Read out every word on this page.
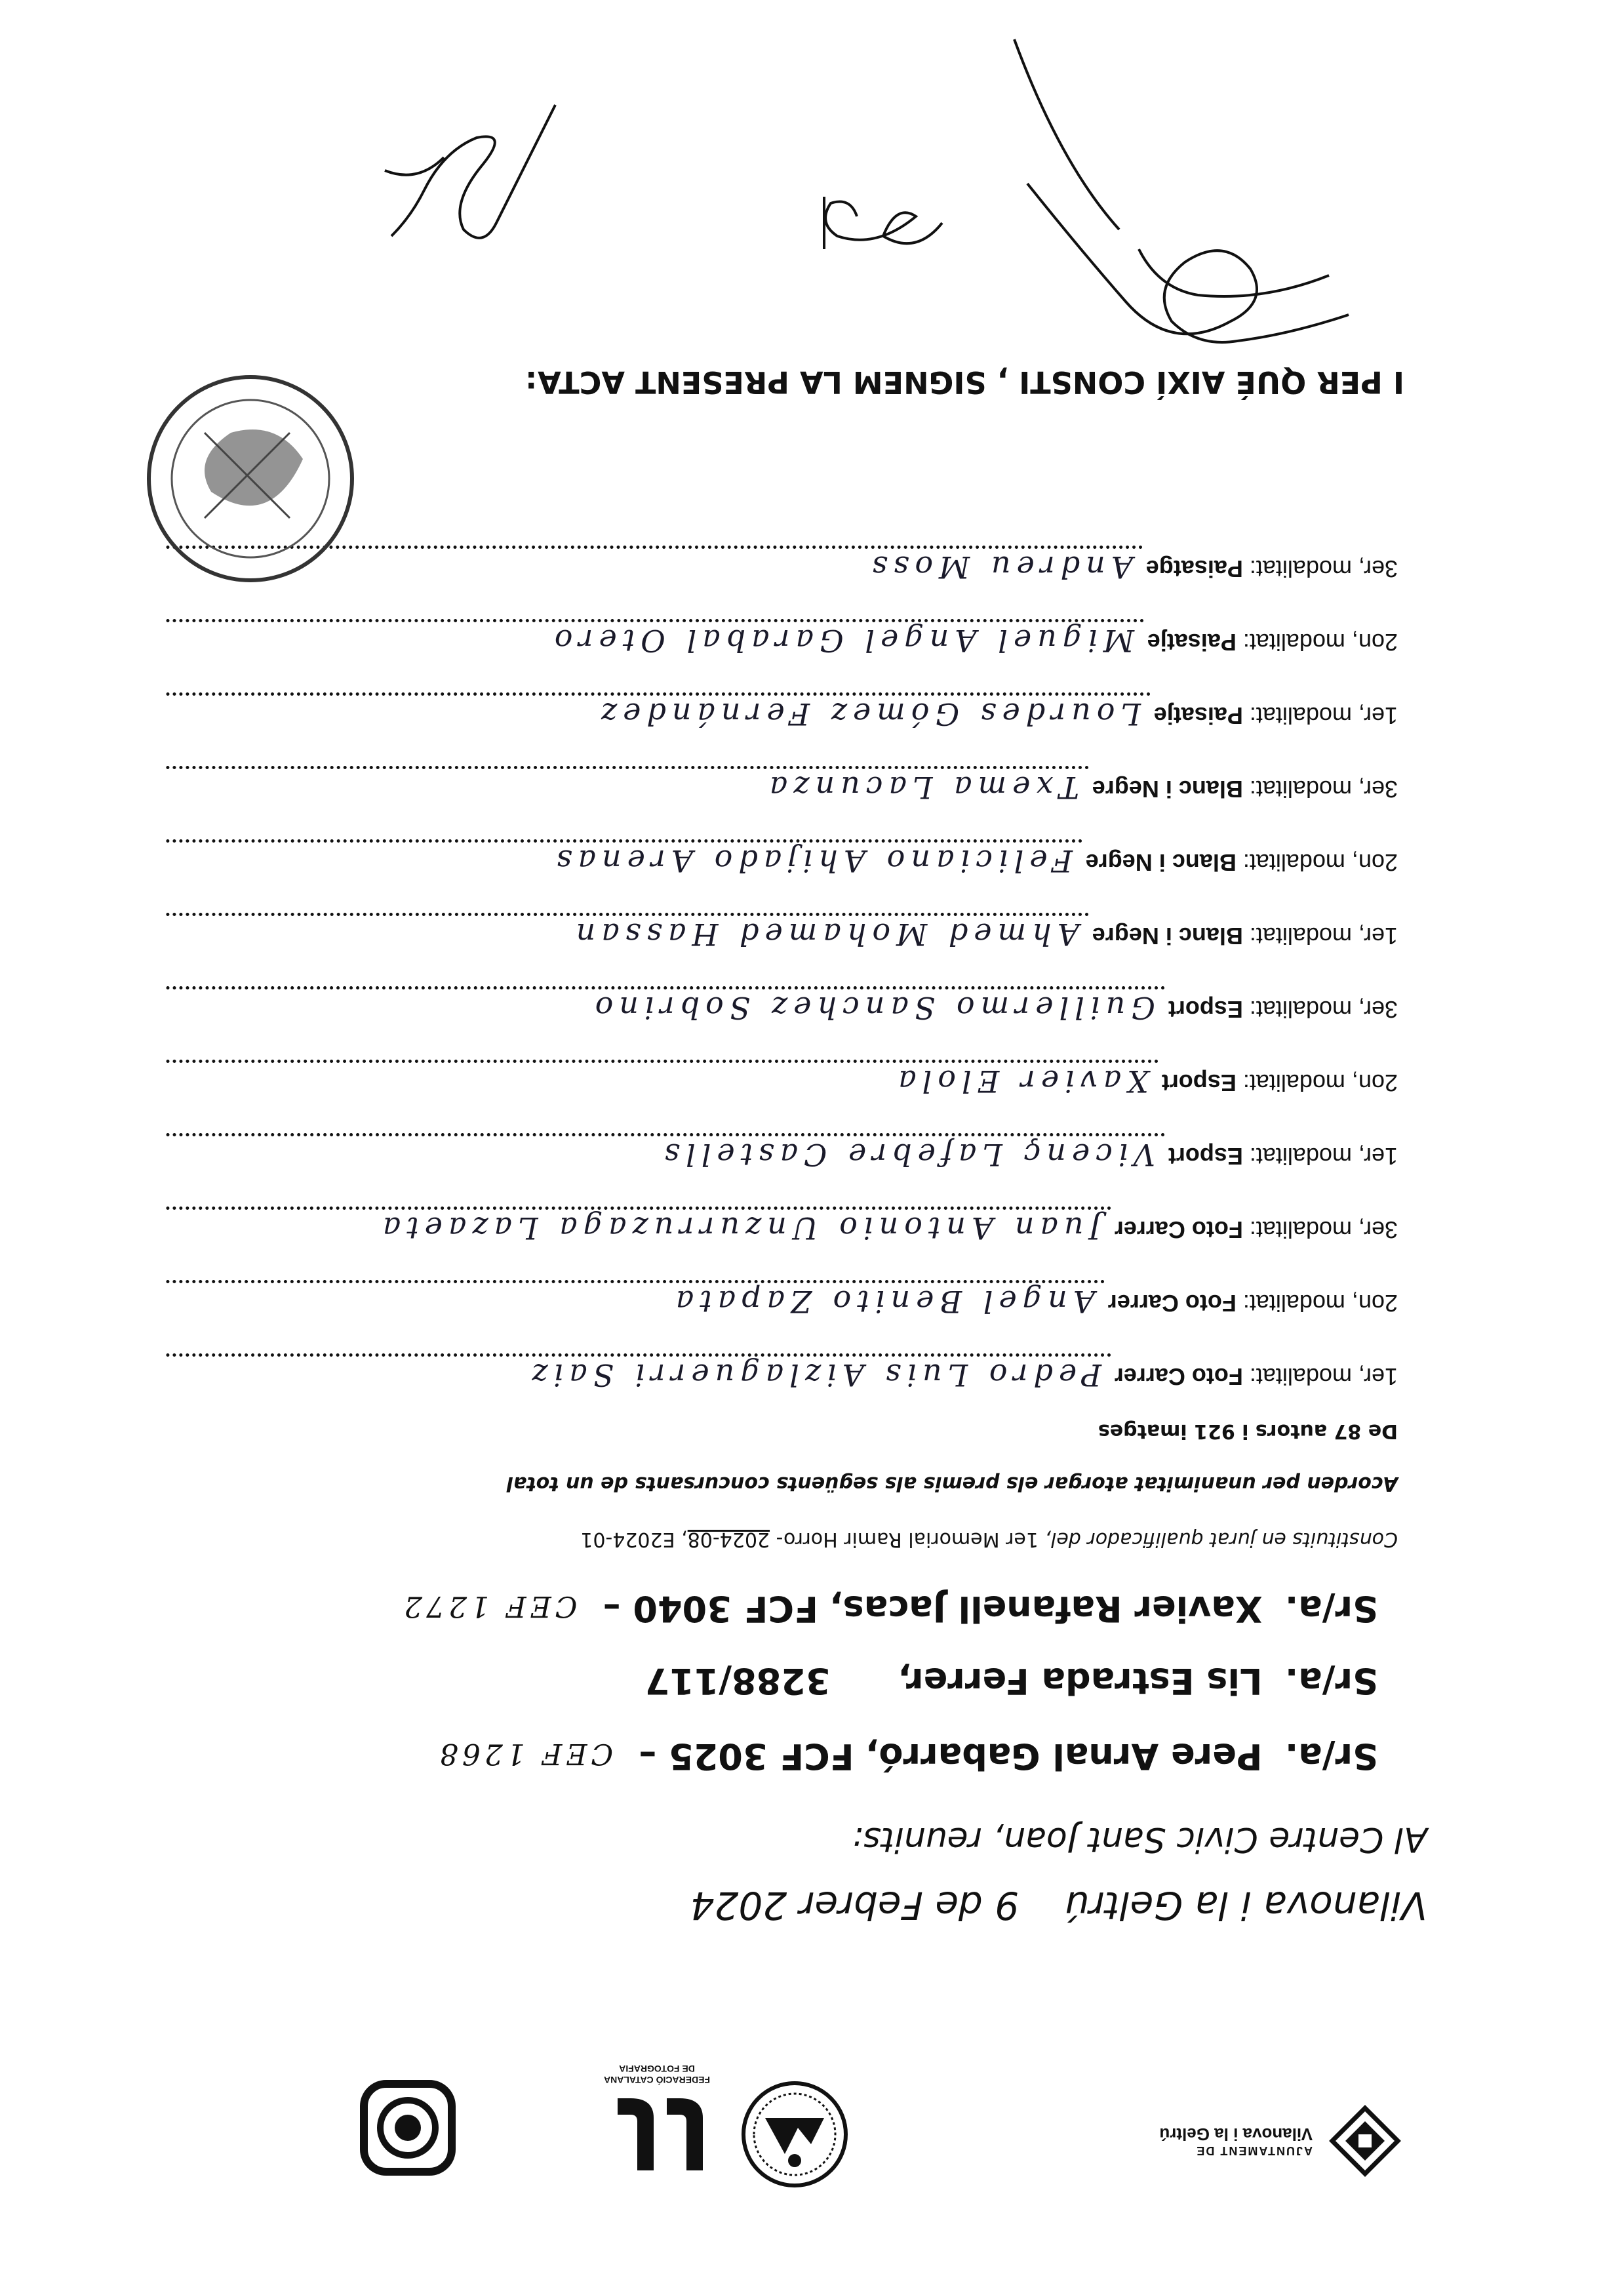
AJUNTAMENT DE
Vilanova i la Geltrú
FEDERACIÓ CATALANA
DE FOTOGRAFIA
Vilanova i la Geltrú9 de Febrer 2024
Al Centre Civic Sant Joan, reunits:
Sr/a.  Pere Arnal Gabarró, FCF 3025 – CEF 1268
Sr/a.  Lis Estrada Ferrer,      3288/117
Sr/a.  Xavier Rafanell Jacas, FCF 3040 – CEF 1272
Constituits en jurat qualificador del, 1er Memorial Ramir Horro- 2024-08, E2024-01
Acorden per unanimitat atorgar els premis als següents concursants de un total
De 87 autors i 921 imatges
1er, modalitat: Foto Carrer
Pedro Luis Aizlaguerri Saiz
2on, modalitat: Foto Carrer
Angel Benito Zapata
3er, modalitat: Foto Carrer
Juan Antonio Unzurruzaga Lazaeta
1er, modalitat: Esport
Vicenç Lafebre Castells
2on, modalitat: Esport
Xavier Elola
3er, modalitat: Esport
Guillermo Sanchez Sobrino
1er, modalitat: Blanc i Negre
Ahmed Mohamed Hassan
2on, modalitat: Blanc i Negre
Feliciano Ahijado Arenas
3er, modalitat: Blanc i Negre
Txema Lacunza
1er, modalitat: Paisatje
Lourdes Gómez Fernández
2on, modalitat: Paisatje
Miguel Angel Garabal Otero
3er, modalitat: Paisatge
Andreu Moss
I PER QUÉ AIXÍ CONSTI , SIGNEM LA PRESENT ACTA:
